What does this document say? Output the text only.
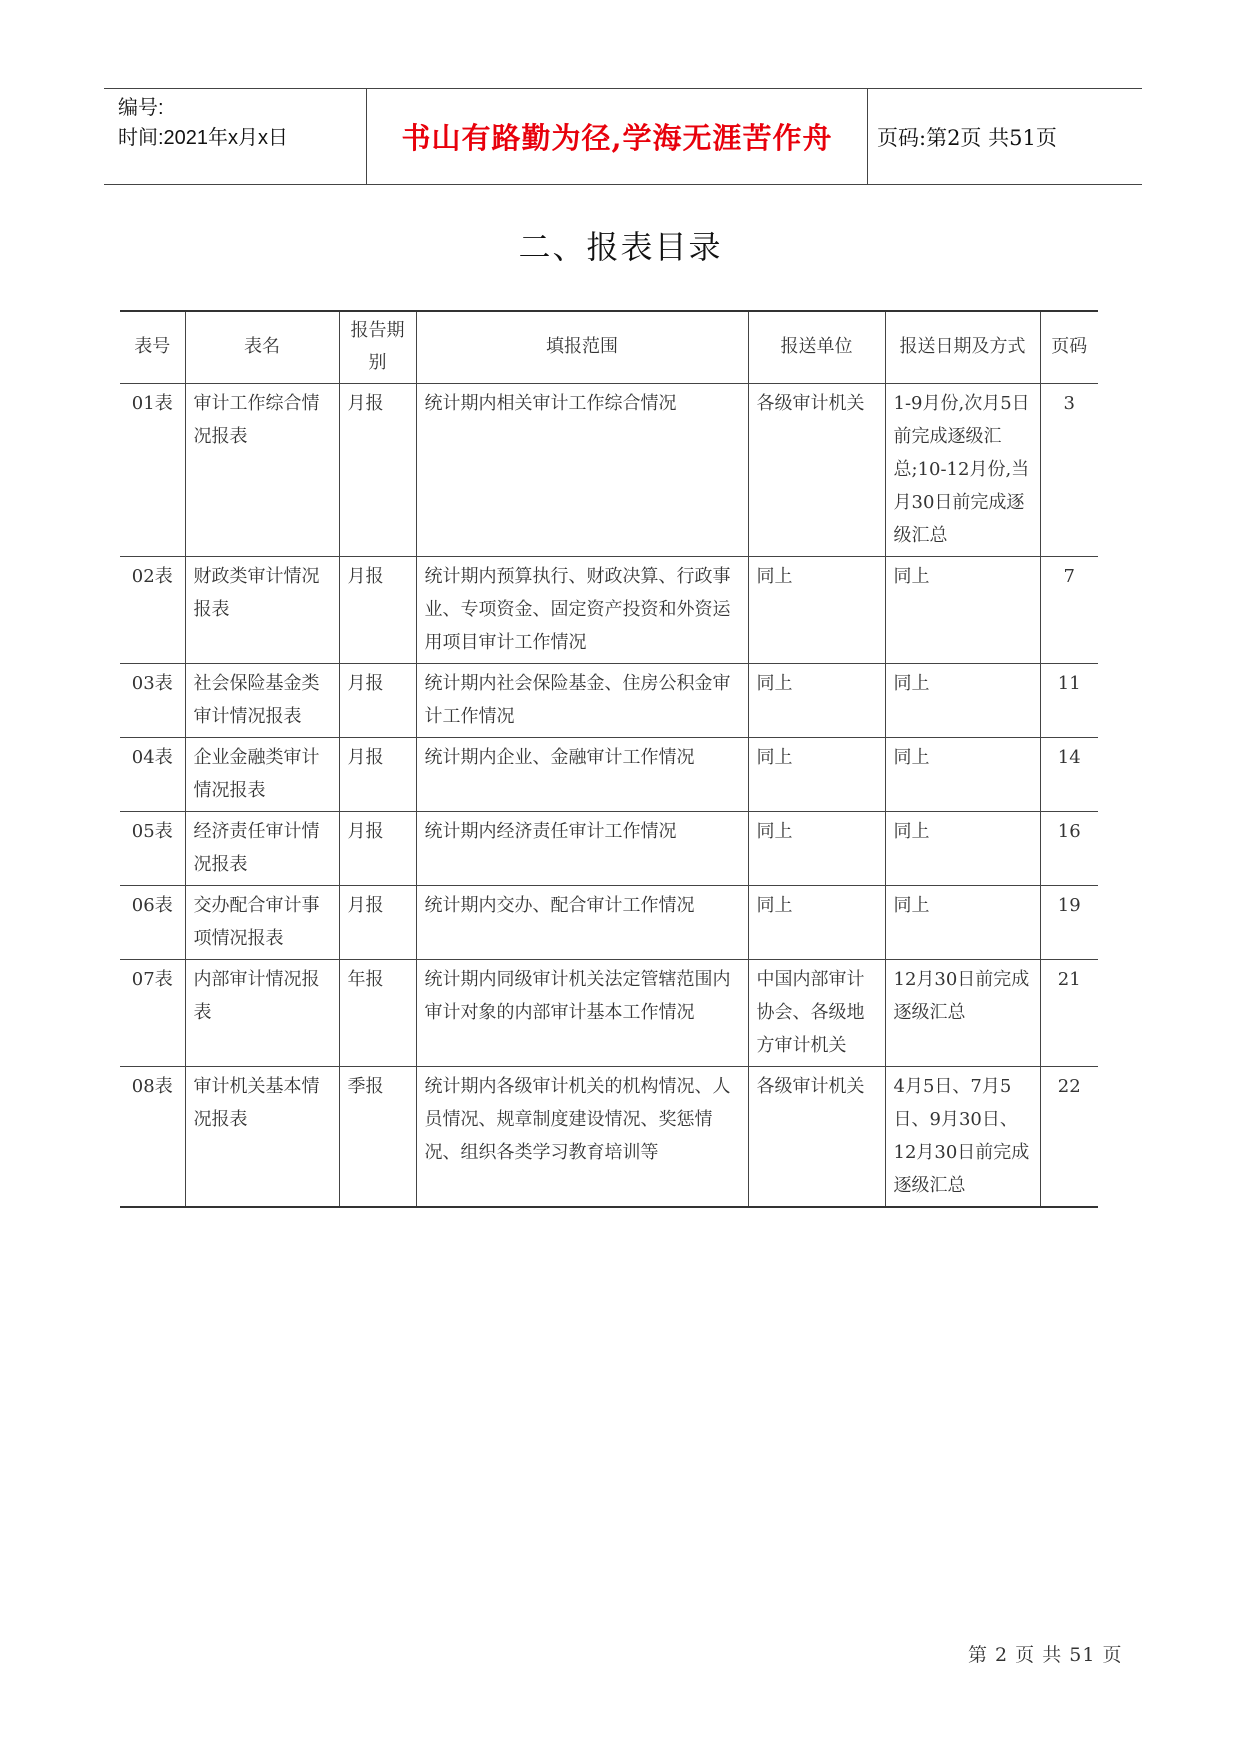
编号:
时间:2021年x月x日	书山有路勤为径,学海无涯苦作舟	页码:第2页 共51页
二、报表目录
表号	表名	报告期别	填报范围	报送单位	报送日期及方式	页码
01表	审计工作综合情况报表	月报	统计期内相关审计工作综合情况	各级审计机关	1-9月份,次月5日前完成逐级汇总;10-12月份,当月30日前完成逐级汇总	3
02表	财政类审计情况报表	月报	统计期内预算执行、财政决算、行政事业、专项资金、固定资产投资和外资运用项目审计工作情况	同上	同上	7
03表	社会保险基金类审计情况报表	月报	统计期内社会保险基金、住房公积金审计工作情况	同上	同上	11
04表	企业金融类审计情况报表	月报	统计期内企业、金融审计工作情况	同上	同上	14
05表	经济责任审计情况报表	月报	统计期内经济责任审计工作情况	同上	同上	16
06表	交办配合审计事项情况报表	月报	统计期内交办、配合审计工作情况	同上	同上	19
07表	内部审计情况报表	年报	统计期内同级审计机关法定管辖范围内审计对象的内部审计基本工作情况	中国内部审计协会、各级地方审计机关	12月30日前完成逐级汇总	21
08表	审计机关基本情况报表	季报	统计期内各级审计机关的机构情况、人员情况、规章制度建设情况、奖惩情况、组织各类学习教育培训等	各级审计机关	4月5日、7月5日、9月30日、12月30日前完成逐级汇总	22
第 2 页 共 51 页
